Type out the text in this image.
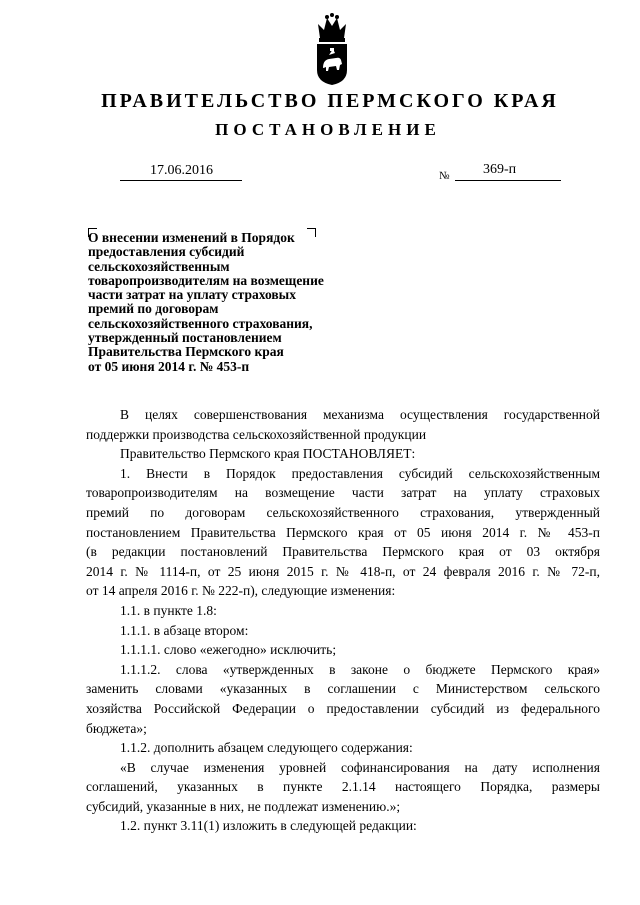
ПРАВИТЕЛЬСТВО ПЕРМСКОГО КРАЯ
ПОСТАНОВЛЕНИЕ
17.06.2016	№ 369-п
О внесении изменений в Порядок
предоставления субсидий
сельскохозяйственным
товаропроизводителям на возмещение
части затрат на уплату страховых
премий по договорам
сельскохозяйственного страхования,
утвержденный постановлением
Правительства Пермского края
от 05 июня 2014 г. № 453-п
В целях совершенствования механизма осуществления государственной
поддержки производства сельскохозяйственной продукции
Правительство Пермского края ПОСТАНОВЛЯЕТ:
1. Внести в Порядок предоставления субсидий сельскохозяйственным
товаропроизводителям на возмещение части затрат на уплату страховых
премий по договорам сельскохозяйственного страхования, утвержденный
постановлением Правительства Пермского края от 05 июня 2014 г. № 453-п
(в редакции постановлений Правительства Пермского края от 03 октября
2014 г. № 1114-п, от 25 июня 2015 г. № 418-п, от 24 февраля 2016 г. № 72-п,
от 14 апреля 2016 г. № 222-п), следующие изменения:
1.1. в пункте 1.8:
1.1.1. в абзаце втором:
1.1.1.1. слово «ежегодно» исключить;
1.1.1.2. слова «утвержденных в законе о бюджете Пермского края»
заменить словами «указанных в соглашении с Министерством сельского
хозяйства Российской Федерации о предоставлении субсидий из федерального
бюджета»;
1.1.2. дополнить абзацем следующего содержания:
«В случае изменения уровней софинансирования на дату исполнения
соглашений, указанных в пункте 2.1.14 настоящего Порядка, размеры
субсидий, указанные в них, не подлежат изменению.»;
1.2. пункт 3.11(1) изложить в следующей редакции:
